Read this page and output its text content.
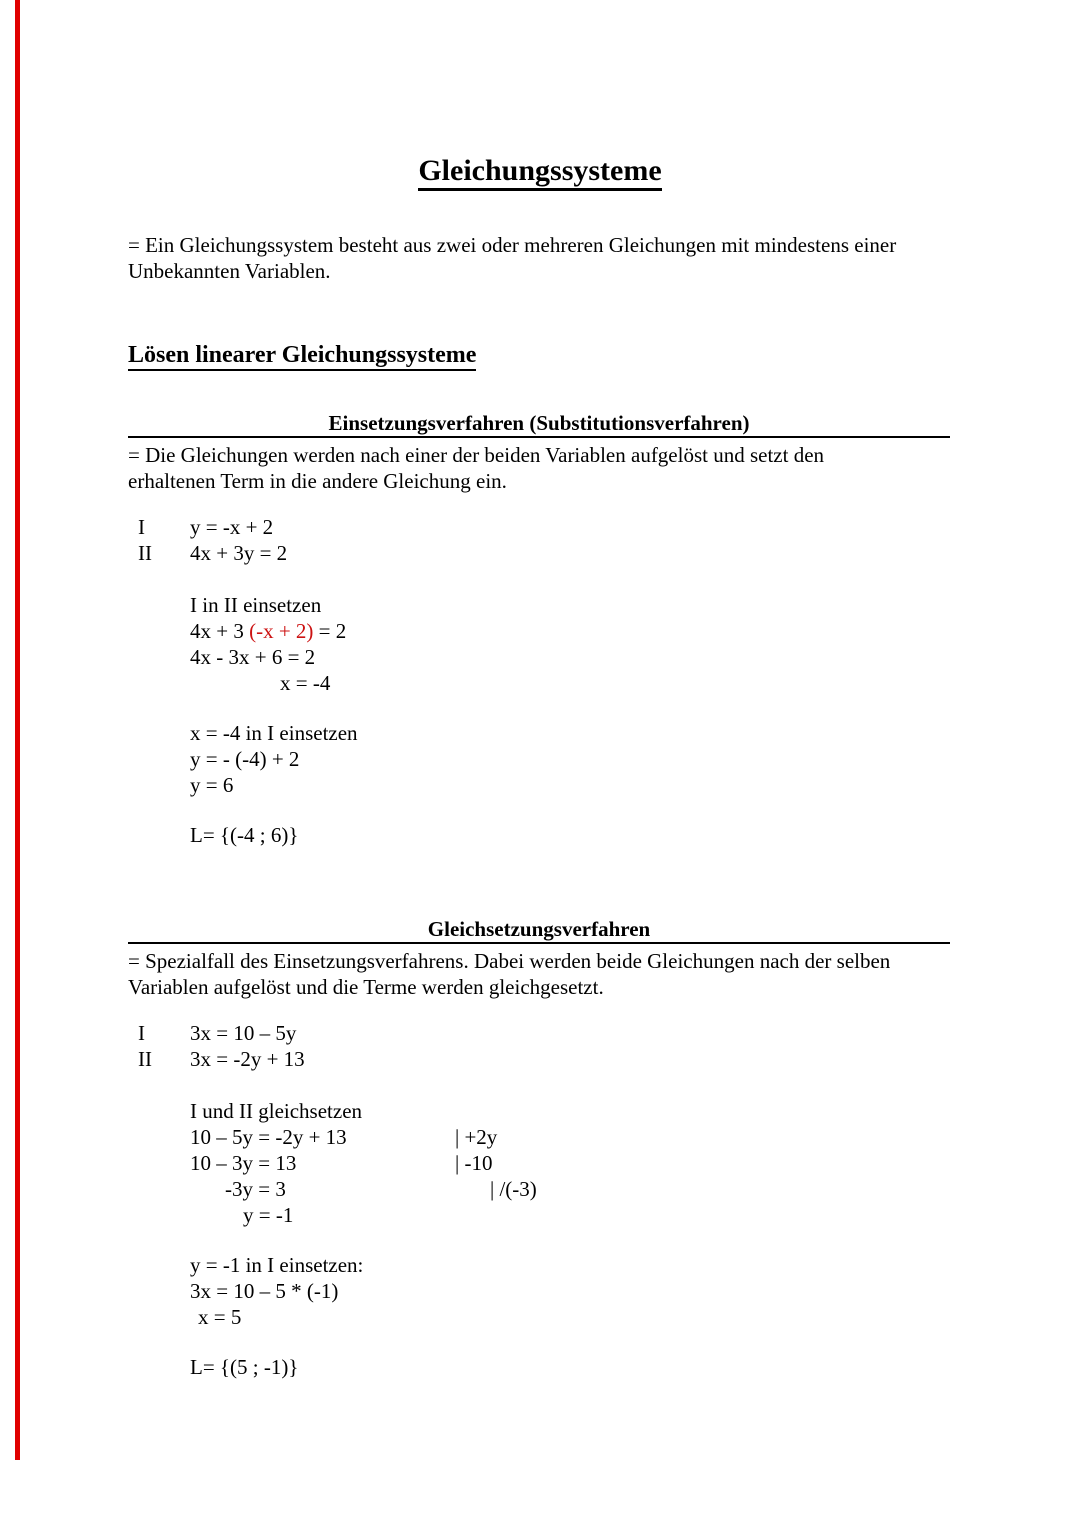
Gleichungssysteme

= Ein Gleichungssystem besteht aus zwei oder mehreren Gleichungen mit mindestens einer

Unbekannten Variablen.

Lösen linearer Gleichungssysteme
Einsetzungsverfahren (Substitutionsverfahren)

= Die Gleichungen werden nach einer der beiden Variablen aufgelöst und setzt den

erhaltenen Term in die andere Gleichung ein.

I	y = -x + 2
II	4x + 3y = 2
I in II einsetzen
4x + 3 (-x + 2) = 2
4x - 3x + 6 = 2
x = -4
x = -4 in I einsetzen
y = - (-4) + 2
y = 6
L= {(-4 ; 6)}
Gleichsetzungsverfahren

= Spezialfall des Einsetzungsverfahrens. Dabei werden beide Gleichungen nach der selben

Variablen aufgelöst und die Terme werden gleichgesetzt.

I	3x = 10 – 5y
II	3x = -2y + 13
I und II gleichsetzen
10 – 5y = -2y + 13	| +2y
10 – 3y = 13	| -10
-3y = 3	| /(-3)
y = -1
y = -1 in I einsetzen:
3x = 10 – 5 * (-1)
x = 5
L= {(5 ; -1)}
